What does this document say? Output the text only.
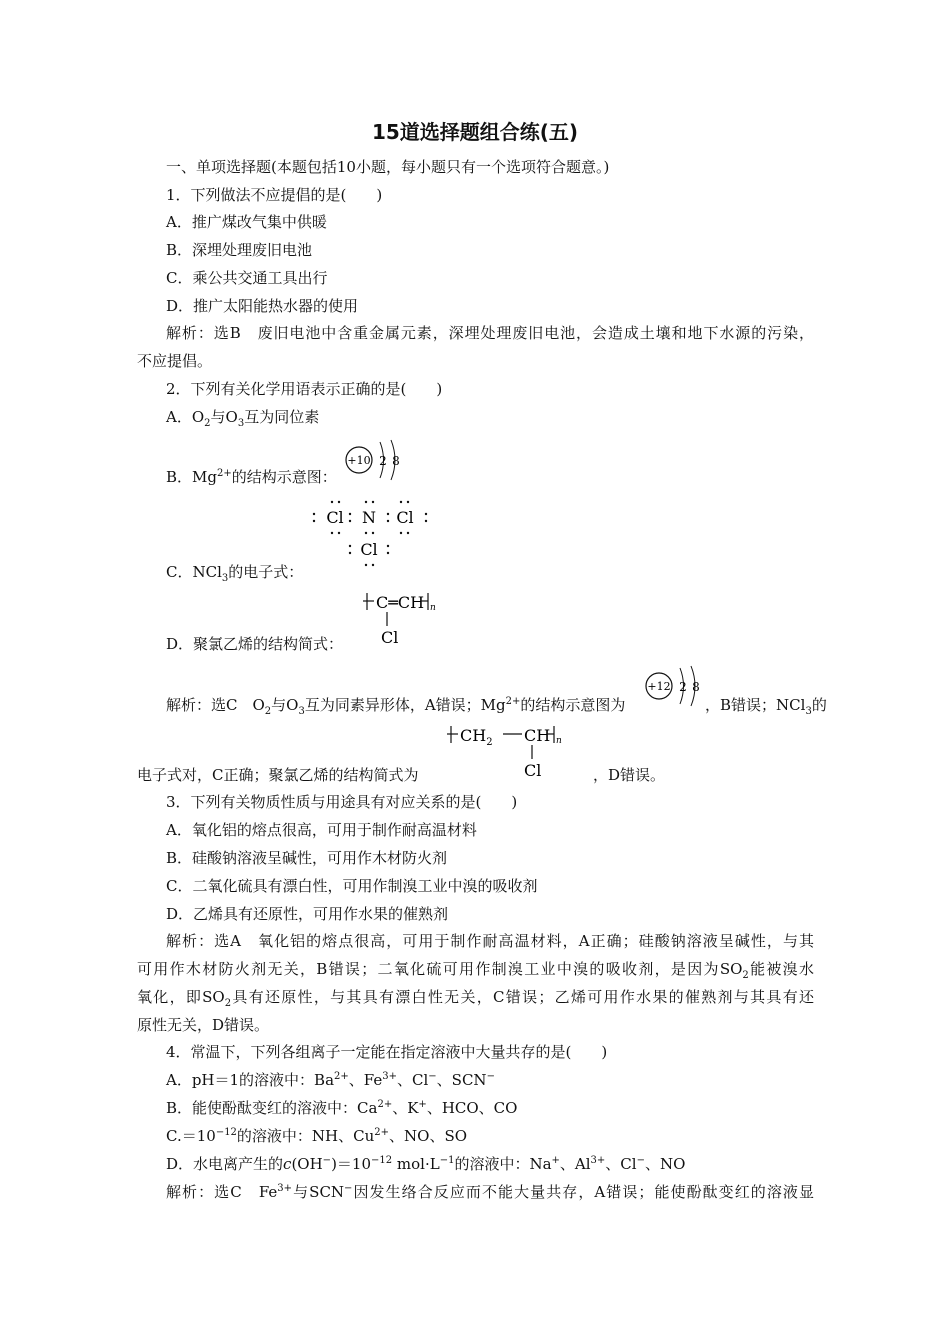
15道选择题组合练(五)
一、单项选择题(本题包括10小题，每小题只有一个选项符合题意。)
1．下列做法不应提倡的是(　　)
A．推广煤改气集中供暖
B．深埋处理废旧电池
C．乘公共交通工具出行
D．推广太阳能热水器的使用
解析：选B　废旧电池中含重金属元素，深埋处理废旧电池，会造成土壤和地下水源的污染，
不应提倡。
2．下列有关化学用语表示正确的是(　　)
A．$O_2$与$O_3$互为同位素
B．$Mg^{2+}$的结构示意图：
+10 2 8
Cl N Cl
Cl
C．NCl$_3$的电子式：
C═CH n
Cl
D．聚氯乙烯的结构简式：
解析：选C　$O_2$与$O_3$互为同素异形体，A错误；$Mg^{2+}$的结构示意图为
+12 2 8
，B错误；NCl$_3$的
$CH_2$ CH n
Cl
电子式对，C正确；聚氯乙烯的结构简式为	，D错误。
3．下列有关物质性质与用途具有对应关系的是(　　)
A．氧化铝的熔点很高，可用于制作耐高温材料
B．硅酸钠溶液呈碱性，可用作木材防火剂
C．二氧化硫具有漂白性，可用作制溴工业中溴的吸收剂
D．乙烯具有还原性，可用作水果的催熟剂
解析：选A　氧化铝的熔点很高，可用于制作耐高温材料，A正确；硅酸钠溶液呈碱性，与其
可用作木材防火剂无关，B错误；二氧化硫可用作制溴工业中溴的吸收剂，是因为$SO_2$能被溴水
氧化，即$SO_2$具有还原性，与其具有漂白性无关，C错误；乙烯可用作水果的催熟剂与其具有还
原性无关，D错误。
4．常温下，下列各组离子一定能在指定溶液中大量共存的是(　　)
A．pH＝1的溶液中：$Ba^{2+}$、$Fe^{3+}$、Cl−、SCN−
B．能使酚酞变红的溶液中：$Ca^{2+}$、K+、HCO、CO
$C.=10^{-12}$的溶液中：NH、$Cu^{2+}$、NO、SO
D．水电离产生的$c(OH^-)=10^{-12}$ $mol\cdot L^{-1}$的溶液中：Na+、$Al^{3+}$、Cl−、NO
解析：选C　$Fe^{3+}$与SCN−因发生络合反应而不能大量共存，A错误；能使酚酞变红的溶液显
